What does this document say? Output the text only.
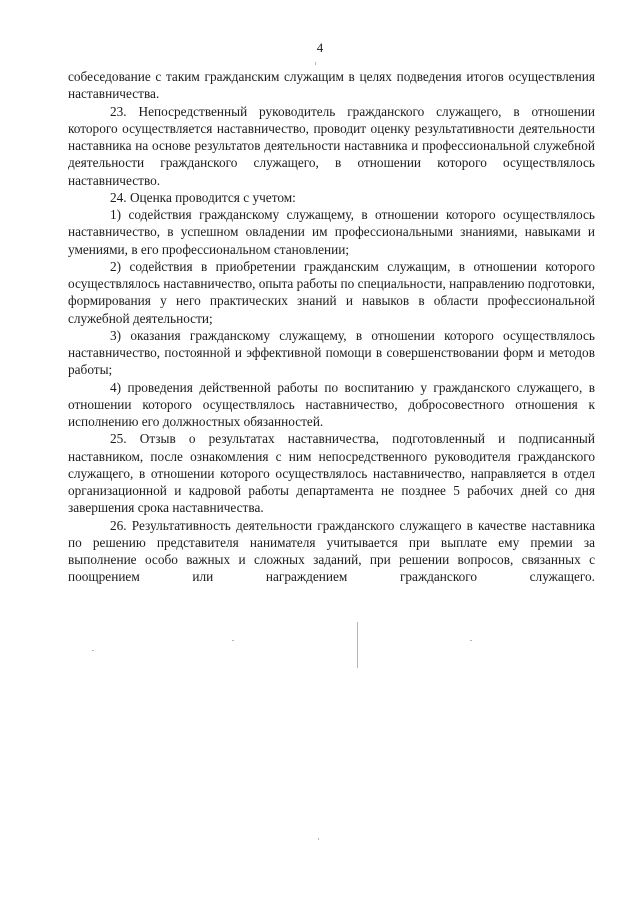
4

собеседование с таким гражданским служащим в целях подведения итогов осуществления наставничества.

23. Непосредственный руководитель гражданского служащего, в отношении которого осуществляется наставничество, проводит оценку результативности деятельности наставника на основе результатов деятельности наставника и профессиональной служебной деятельности гражданского служащего, в отношении которого осуществлялось наставничество.

24. Оценка проводится с учетом:

1) содействия гражданскому служащему, в отношении которого осуществлялось наставничество, в успешном овладении им профессиональными знаниями, навыками и умениями, в его профессиональном становлении;

2) содействия в приобретении гражданским служащим, в отношении которого осуществлялось наставничество, опыта работы по специальности, направлению подготовки, формирования у него практических знаний и навыков в области профессиональной служебной деятельности;

3) оказания гражданскому служащему, в отношении которого осуществлялось наставничество, постоянной и эффективной помощи в совершенствовании форм и методов работы;

4) проведения действенной работы по воспитанию у гражданского служащего, в отношении которого осуществлялось наставничество, добросовестного отношения к исполнению его должностных обязанностей.

25. Отзыв о результатах наставничества, подготовленный и подписанный наставником, после ознакомления с ним непосредственного руководителя гражданского служащего, в отношении которого осуществлялось наставничество, направляется в отдел организационной и кадровой работы департамента не позднее 5 рабочих дней со дня завершения срока наставничества.

26. Результативность деятельности гражданского служащего в качестве наставника по решению представителя нанимателя учитывается при выплате ему премии за выполнение особо важных и сложных заданий, при решении вопросов, связанных с поощрением или награждением гражданского служащего.
